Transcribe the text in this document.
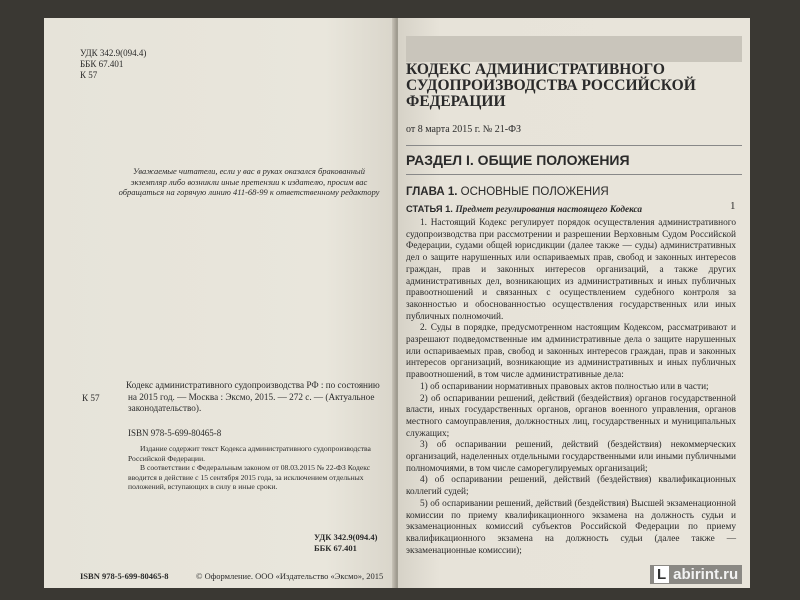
УДК 342.9(094.4)
ББК 67.401
К 57
Уважаемые читатели, если у вас в руках оказался бракованный экземпляр либо возникли иные претензии к издателю, просим вас обращаться на горячую линию 411-68-99 к ответственному редактору
К 57
Кодекс административного судопроизводства РФ : по состоянию на 2015 год. — Москва : Эксмо, 2015. — 272 с. — (Актуальное законодательство).
ISBN 978-5-699-80465-8
Издание содержит текст Кодекса административного судопроизводства Российской Федерации.
В соответствии с Федеральным законом от 08.03.2015 № 22-ФЗ Кодекс вводится в действие с 15 сентября 2015 года, за исключением отдельных положений, вступающих в силу в иные сроки.
УДК 342.9(094.4)
ББК 67.401
ISBN 978-5-699-80465-8	© Оформление. ООО «Издательство «Эксмо», 2015
КОДЕКС АДМИНИСТРАТИВНОГО СУДОПРОИЗВОДСТВА РОССИЙСКОЙ ФЕДЕРАЦИИ
от 8 марта 2015 г. № 21-ФЗ
РАЗДЕЛ I. ОБЩИЕ ПОЛОЖЕНИЯ
ГЛАВА 1. ОСНОВНЫЕ ПОЛОЖЕНИЯ
СТАТЬЯ 1. Предмет регулирования настоящего Кодекса	1

1. Настоящий Кодекс регулирует порядок осуществления административного судопроизводства при рассмотрении и разрешении Верховным Судом Российской Федерации, судами общей юрисдикции (далее также — суды) административных дел о защите нарушенных или оспариваемых прав, свобод и законных интересов граждан, прав и законных интересов организаций, а также других административных дел, возникающих из административных и иных публичных правоотношений и связанных с осуществлением судебного контроля за законностью и обоснованностью осуществления государственных или иных публичных полномочий.

2. Суды в порядке, предусмотренном настоящим Кодексом, рассматривают и разрешают подведомственные им административные дела о защите нарушенных или оспариваемых прав, свобод и законных интересов граждан, прав и законных интересов организаций, возникающие из административных и иных публичных правоотношений, в том числе административные дела:

1) об оспаривании нормативных правовых актов полностью или в части;

2) об оспаривании решений, действий (бездействия) органов государственной власти, иных государственных органов, органов военного управления, органов местного самоуправления, должностных лиц, государственных и муниципальных служащих;

3) об оспаривании решений, действий (бездействия) некоммерческих организаций, наделенных отдельными государственными или иными публичными полномочиями, в том числе саморегулируемых организаций;

4) об оспаривании решений, действий (бездействия) квалификационных коллегий судей;

5) об оспаривании решений, действий (бездействия) Высшей экзаменационной комиссии по приему квалификационного экзамена на должность судьи и экзаменационных комиссий субъектов Российской Федерации по приему квалификационного экзамена на должность судьи (далее также — экзаменационные комиссии);

L abirint.ru
